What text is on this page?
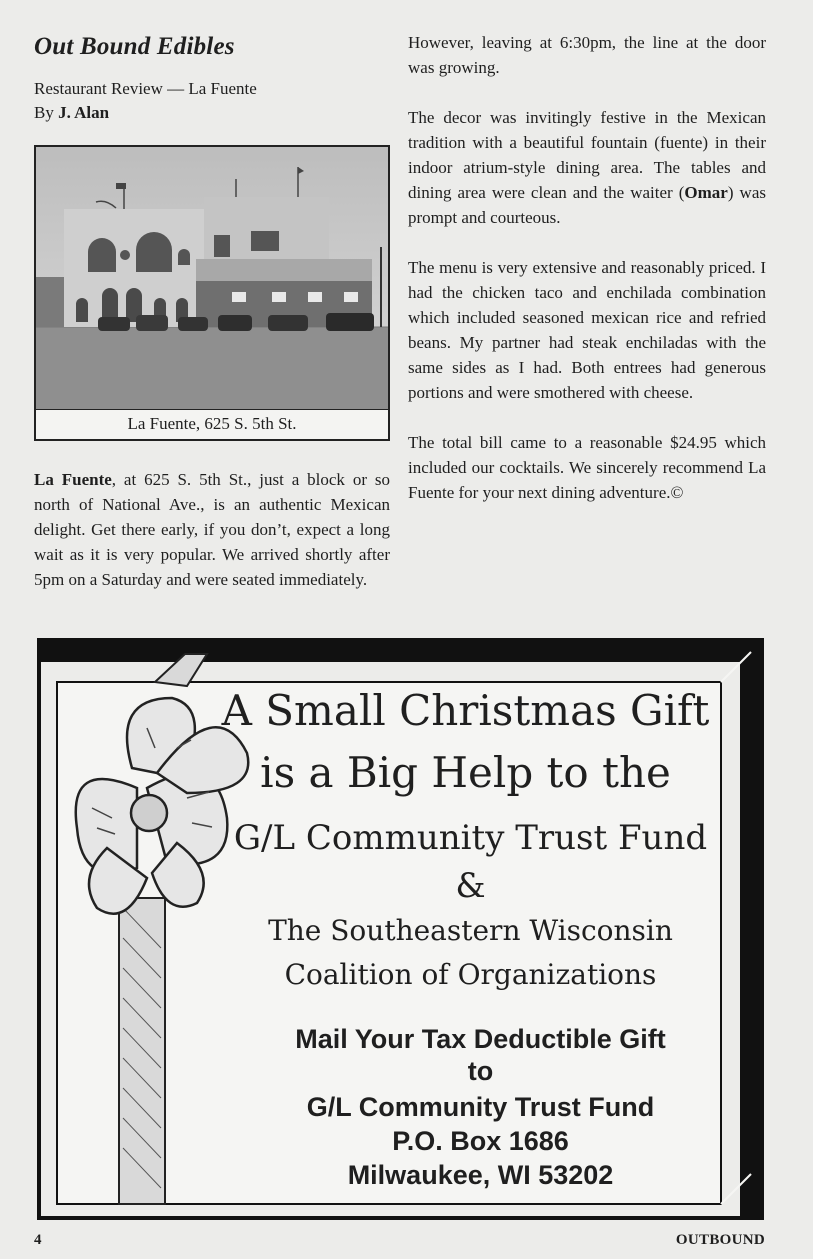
Out Bound Edibles
Restaurant Review — La Fuente
By J. Alan
La Fuente, 625 S. 5th St.

La Fuente, at 625 S. 5th St., just a block or so north of National Ave., is an authentic Mexican delight. Get there early, if you don’t, expect a long wait as it is very popular. We arrived shortly after 5pm on a Saturday and were seated immediately.

However, leaving at 6:30pm, the line at the door was growing.

The decor was invitingly festive in the Mexican tradition with a beautiful fountain (fuente) in their indoor atrium-style dining area. The tables and dining area were clean and the waiter (Omar) was prompt and courteous.

The menu is very extensive and reasonably priced. I had the chicken taco and enchilada combination which included seasoned mexican rice and refried beans. My partner had steak enchiladas with the same sides as I had. Both entrees had generous portions and were smothered with cheese.

The total bill came to a reasonable $24.95 which included our cocktails. We sincerely recommend La Fuente for your next dining adventure.©

A Small Christmas Gift
is a Big Help to the
G/L Community Trust Fund
&
The Southeastern Wisconsin
Coalition of Organizations
Mail Your Tax Deductible Gift
to
G/L Community Trust Fund
P.O. Box 1686
Milwaukee, WI 53202
4	OUTBOUND
